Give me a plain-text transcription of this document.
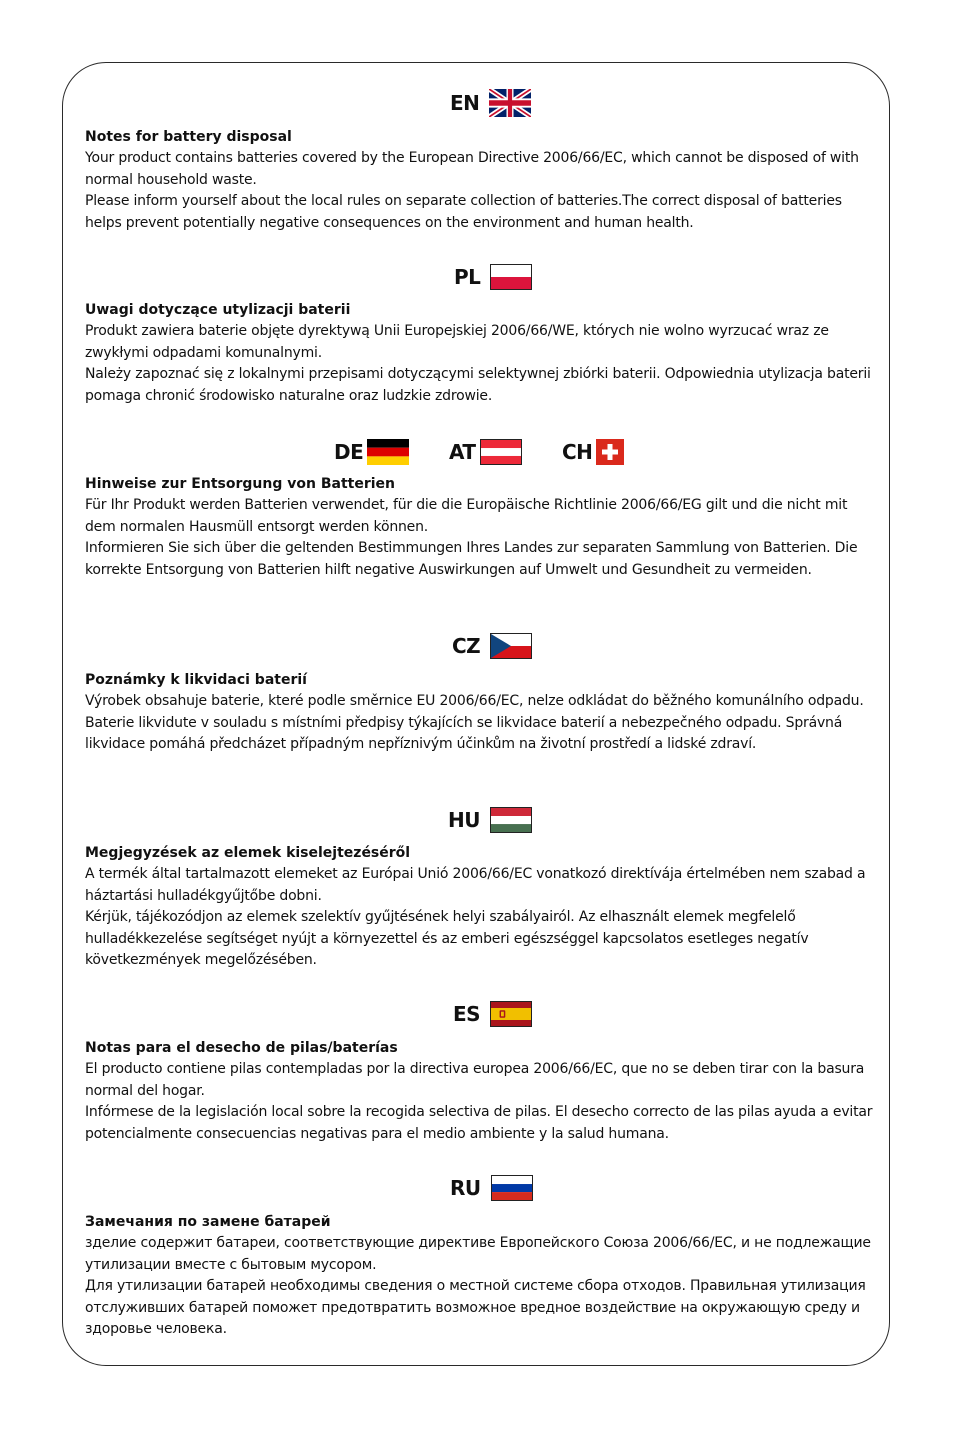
EN
Notes for battery disposal

Your product contains batteries covered by the European Directive 2006/66/EC, which cannot be disposed of with normal household waste.

Please inform yourself about the local rules on separate collection of batteries.The correct disposal of batteries helps prevent potentially negative consequences on the environment and human health.

PL
Uwagi dotyczące utylizacji baterii

Produkt zawiera baterie objęte dyrektywą Unii Europejskiej 2006/66/WE, których nie wolno wyrzucać wraz ze zwykłymi odpadami komunalnymi.

Należy zapoznać się z lokalnymi przepisami dotyczącymi selektywnej zbiórki baterii. Odpowiednia utylizacja baterii pomaga chronić środowisko naturalne oraz ludzkie zdrowie.

DE	AT	CH
Hinweise zur Entsorgung von Batterien

Für Ihr Produkt werden Batterien verwendet, für die die Europäische Richtlinie 2006/66/EG gilt und die nicht mit dem normalen Hausmüll entsorgt werden können.

Informieren Sie sich über die geltenden Bestimmungen Ihres Landes zur separaten Sammlung von Batterien. Die korrekte Entsorgung von Batterien hilft negative Auswirkungen auf Umwelt und Gesundheit zu vermeiden.

CZ
Poznámky k likvidaci baterií

Výrobek obsahuje baterie, které podle směrnice EU 2006/66/EC, nelze odkládat do běžného komunálního odpadu. Baterie likvidute v souladu s místními předpisy týkajících se likvidace baterií a nebezpečného odpadu. Správná likvidace pomáhá předcházet případným nepříznivým účinkům na životní prostředí a lidské zdraví.

HU
Megjegyzések az elemek kiselejtezéséről

A termék által tartalmazott elemeket az Európai Unió 2006/66/EC vonatkozó direktívája értelmében nem szabad a háztartási hulladékgyűjtőbe dobni.

Kérjük, tájékozódjon az elemek szelektív gyűjtésének helyi szabályairól. Az elhasznált elemek megfelelő hulladékkezelése segítséget nyújt a környezettel és az emberi egészséggel kapcsolatos esetleges negatív következmények megelőzésében.

ES
Notas para el desecho de pilas/baterías

El producto contiene pilas contempladas por la directiva europea 2006/66/EC, que no se deben tirar con la basura normal del hogar.

Infórmese de la legislación local sobre la recogida selectiva de pilas. El desecho correcto de las pilas ayuda a evitar potencialmente consecuencias negativas para el medio ambiente y la salud humana.

RU
Замечания по замене батарей

зделие содержит батареи, соответствующие директиве Европейского Союза 2006/66/EC, и не подлежащие утилизации вместе с бытовым мусором.

Для утилизации батарей необходимы сведения о местной системе сбора отходов. Правильная утилизация отслуживших батарей поможет предотвратить возможное вредное воздействие на окружающую среду и здоровье человека.
